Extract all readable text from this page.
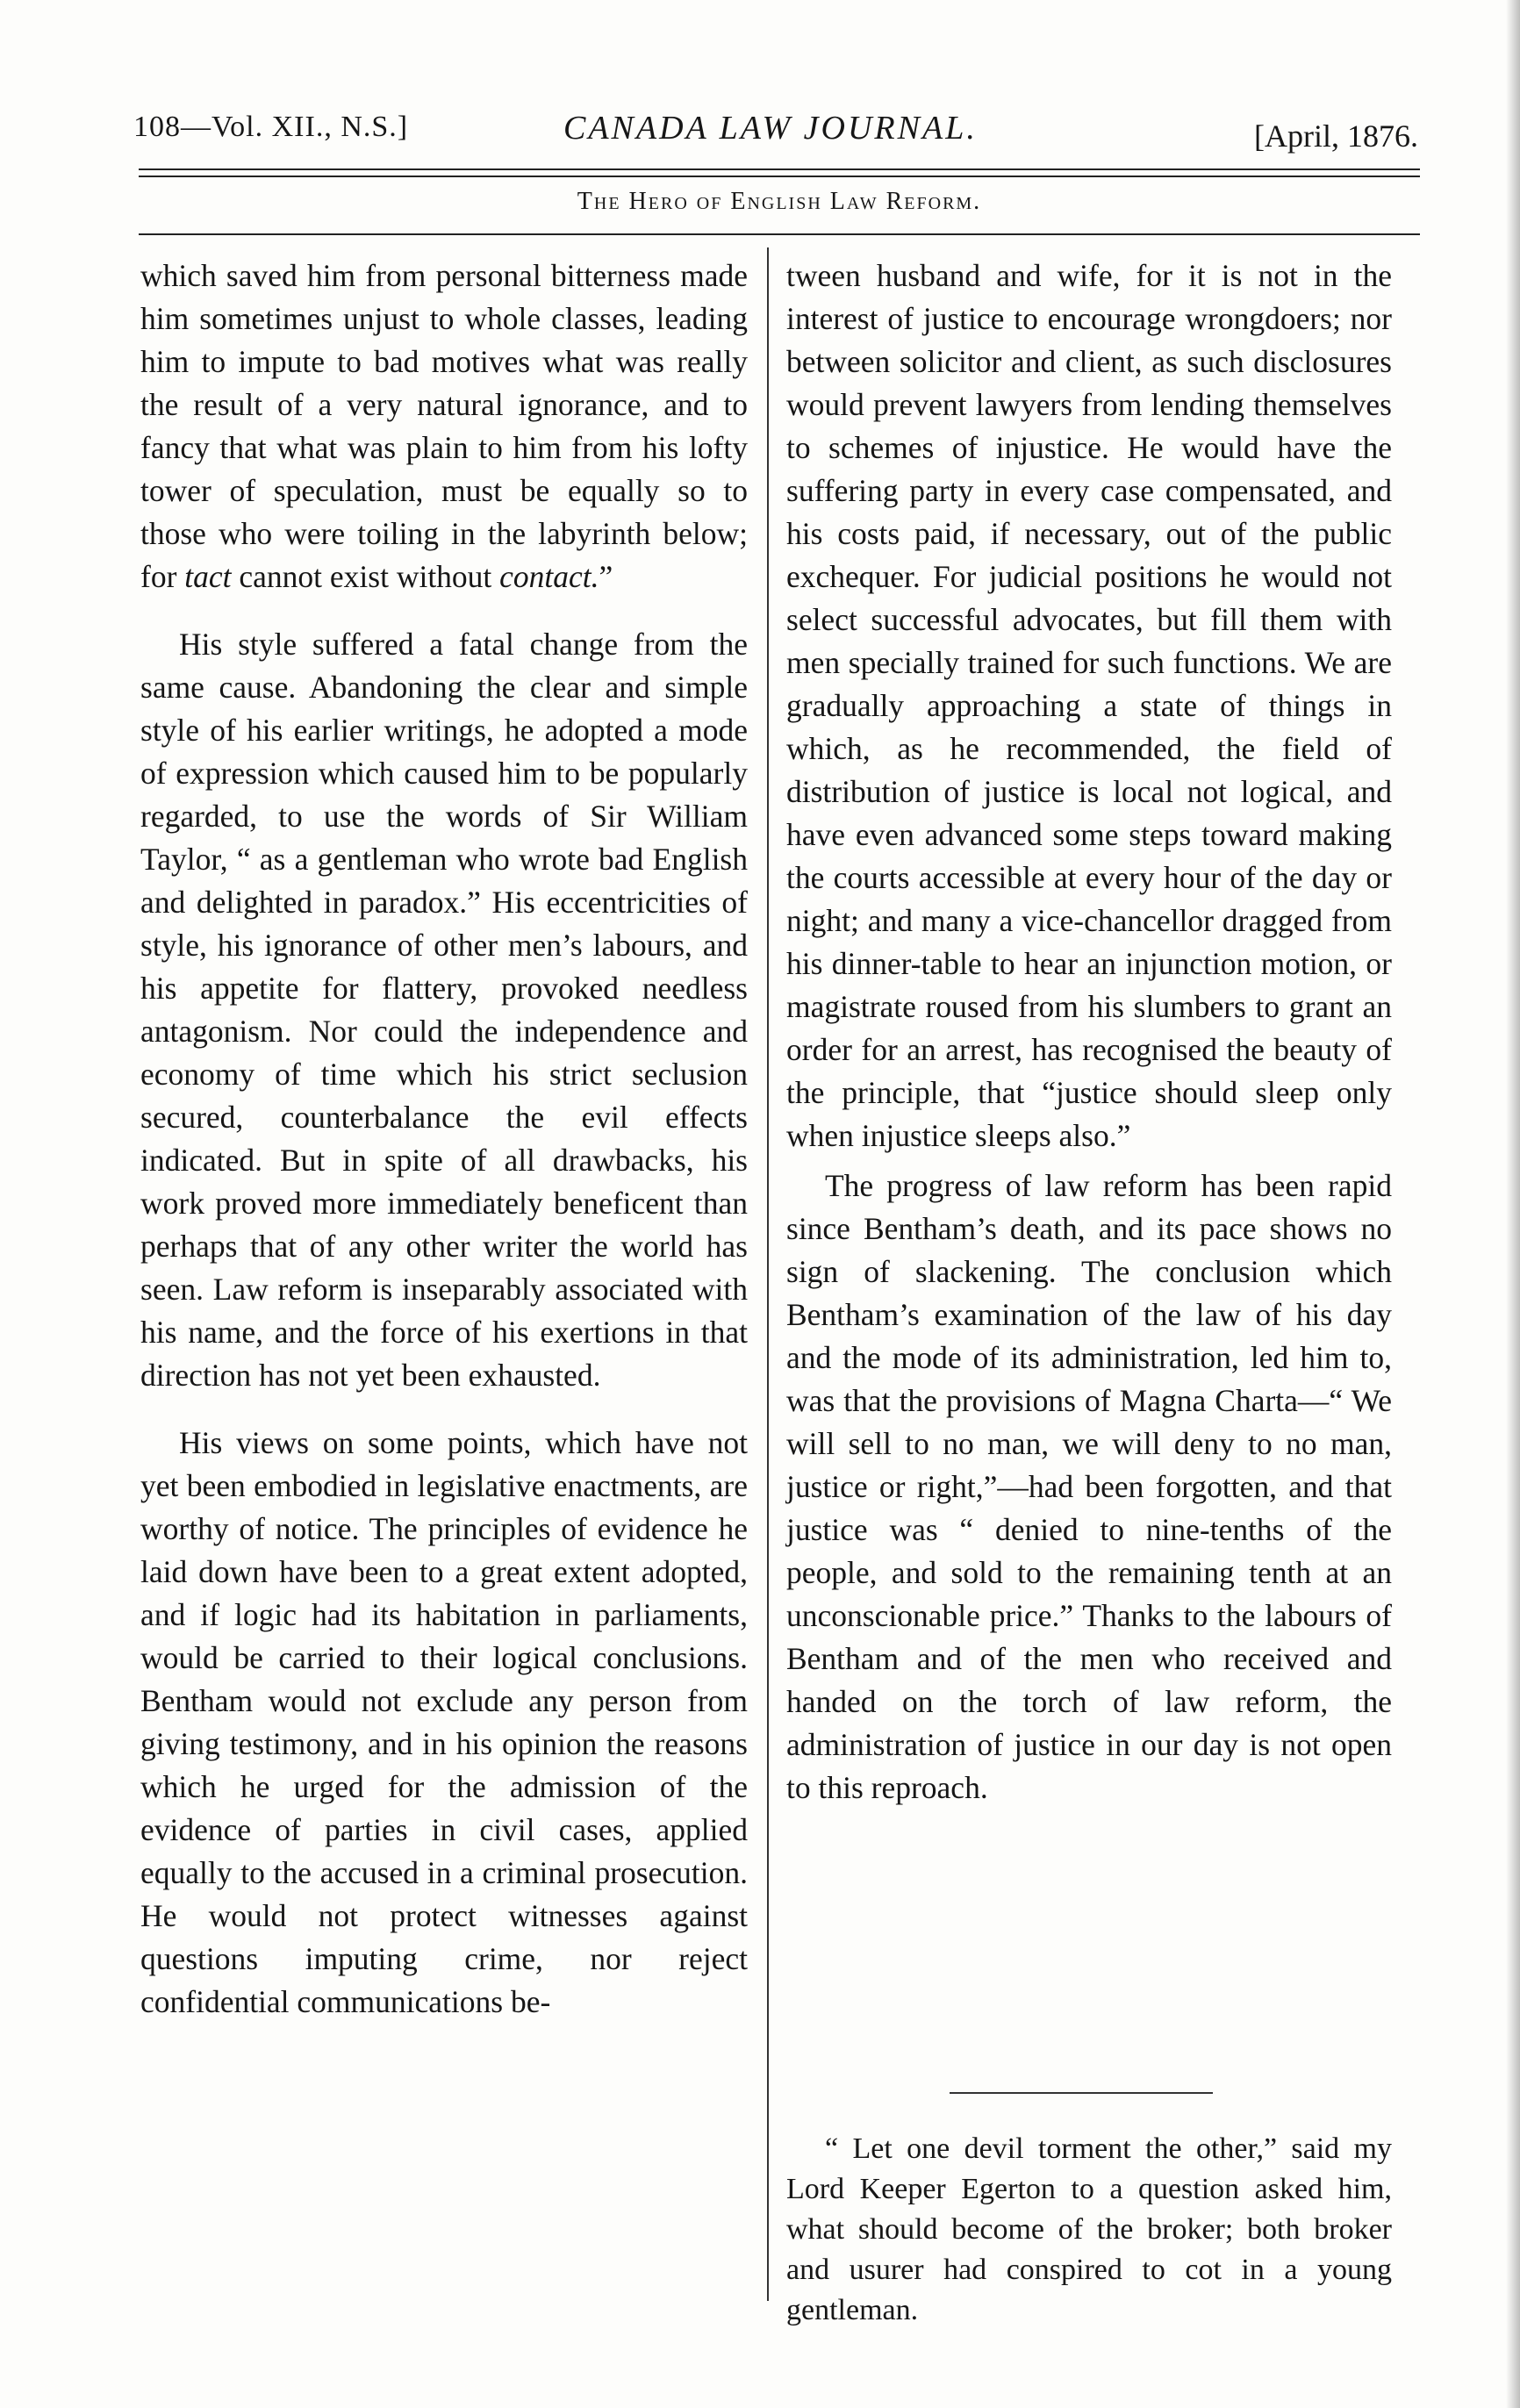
108—Vol. XII., N.S.]	CANADA LAW JOURNAL.	[April, 1876.
The Hero of English Law Reform.

which saved him from personal bitterness made him sometimes unjust to whole classes, leading him to impute to bad motives what was really the result of a very natural ignorance, and to fancy that what was plain to him from his lofty tower of speculation, must be equally so to those who were toiling in the labyrinth below; for tact cannot exist without contact.”

His style suffered a fatal change from the same cause. Abandoning the clear and simple style of his earlier writings, he adopted a mode of expression which caused him to be popularly regarded, to use the words of Sir William Taylor, “ as a gentleman who wrote bad English and delighted in paradox.” His eccentricities of style, his ignorance of other men’s labours, and his appetite for flattery, provoked needless antagonism. Nor could the independence and economy of time which his strict seclusion secured, counterbalance the evil effects indicated. But in spite of all drawbacks, his work proved more immediately beneficent than perhaps that of any other writer the world has seen. Law reform is inseparably associated with his name, and the force of his exertions in that direction has not yet been exhausted.

His views on some points, which have not yet been embodied in legislative enactments, are worthy of notice. The principles of evidence he laid down have been to a great extent adopted, and if logic had its habitation in parliaments, would be carried to their logical conclusions. Bentham would not exclude any person from giving testimony, and in his opinion the reasons which he urged for the admission of the evidence of parties in civil cases, applied equally to the accused in a criminal prosecution. He would not protect witnesses against questions imputing crime, nor reject confidential communications be-

tween husband and wife, for it is not in the interest of justice to encourage wrongdoers; nor between solicitor and client, as such disclosures would prevent lawyers from lending themselves to schemes of injustice. He would have the suffering party in every case compensated, and his costs paid, if necessary, out of the public exchequer. For judicial positions he would not select successful advocates, but fill them with men specially trained for such functions. We are gradually approaching a state of things in which, as he recommended, the field of distribution of justice is local not logical, and have even advanced some steps toward making the courts accessible at every hour of the day or night; and many a vice-chancellor dragged from his dinner-table to hear an injunction motion, or magistrate roused from his slumbers to grant an order for an arrest, has recognised the beauty of the principle, that “justice should sleep only when injustice sleeps also.”

The progress of law reform has been rapid since Bentham’s death, and its pace shows no sign of slackening. The conclusion which Bentham’s examination of the law of his day and the mode of its administration, led him to, was that the provisions of Magna Charta—“ We will sell to no man, we will deny to no man, justice or right,”—had been forgotten, and that justice was “ denied to nine-tenths of the people, and sold to the remaining tenth at an unconscionable price.” Thanks to the labours of Bentham and of the men who received and handed on the torch of law reform, the administration of justice in our day is not open to this reproach.

“ Let one devil torment the other,” said my Lord Keeper Egerton to a question asked him, what should become of the broker; both broker and usurer had conspired to cot in a young gentleman.
